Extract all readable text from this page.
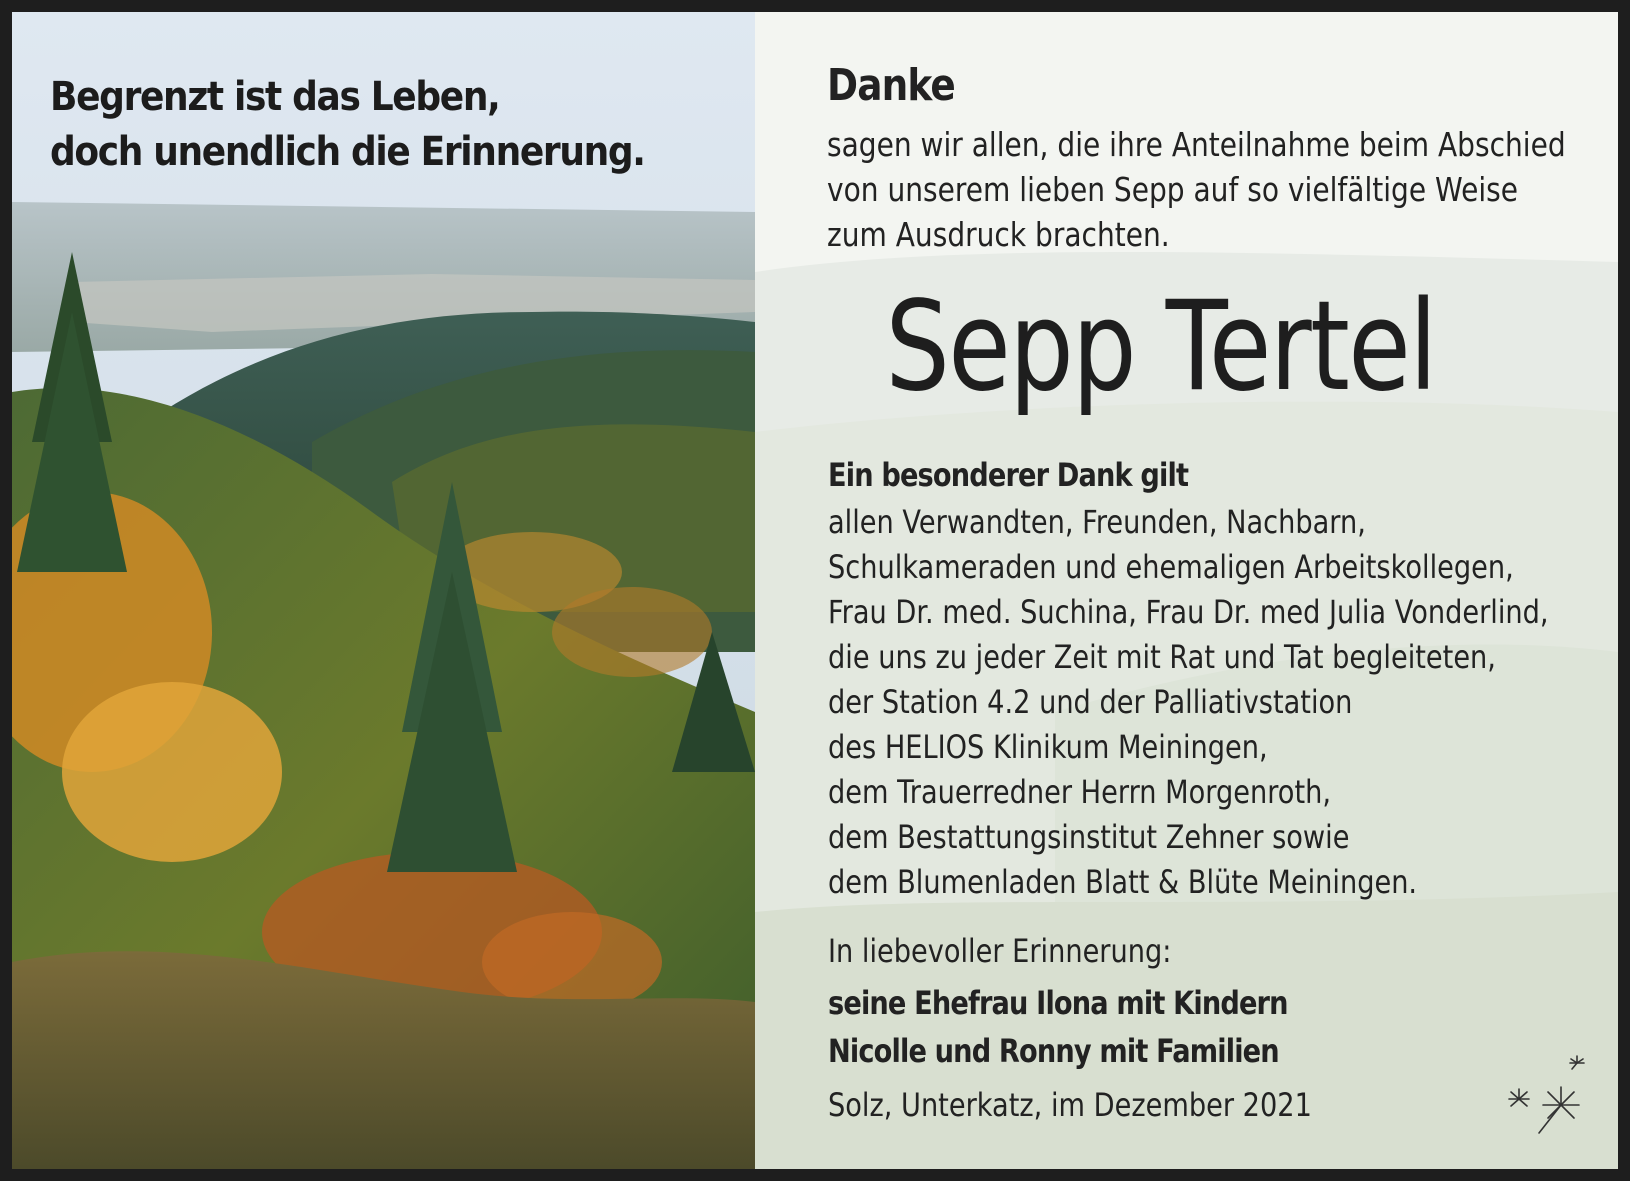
Begrenzt ist das Leben,
doch unendlich die Erinnerung.

Danke

sagen wir allen, die ihre Anteilnahme beim Abschied
von unserem lieben Sepp auf so vielfältige Weise
zum Ausdruck brachten.

Sepp Tertel

Ein besonderer Dank gilt

allen Verwandten, Freunden, Nachbarn,
Schulkameraden und ehemaligen Arbeitskollegen,
Frau Dr. med. Suchina, Frau Dr. med Julia Vonderlind,
die uns zu jeder Zeit mit Rat und Tat begleiteten,
der Station 4.2 und der Palliativstation
des HELIOS Klinikum Meiningen,
dem Trauerredner Herrn Morgenroth,
dem Bestattungsinstitut Zehner sowie
dem Blumenladen Blatt & Blüte Meiningen.

In liebevoller Erinnerung:

seine Ehefrau Ilona mit Kindern
Nicolle und Ronny mit Familien

Solz, Unterkatz, im Dezember 2021
